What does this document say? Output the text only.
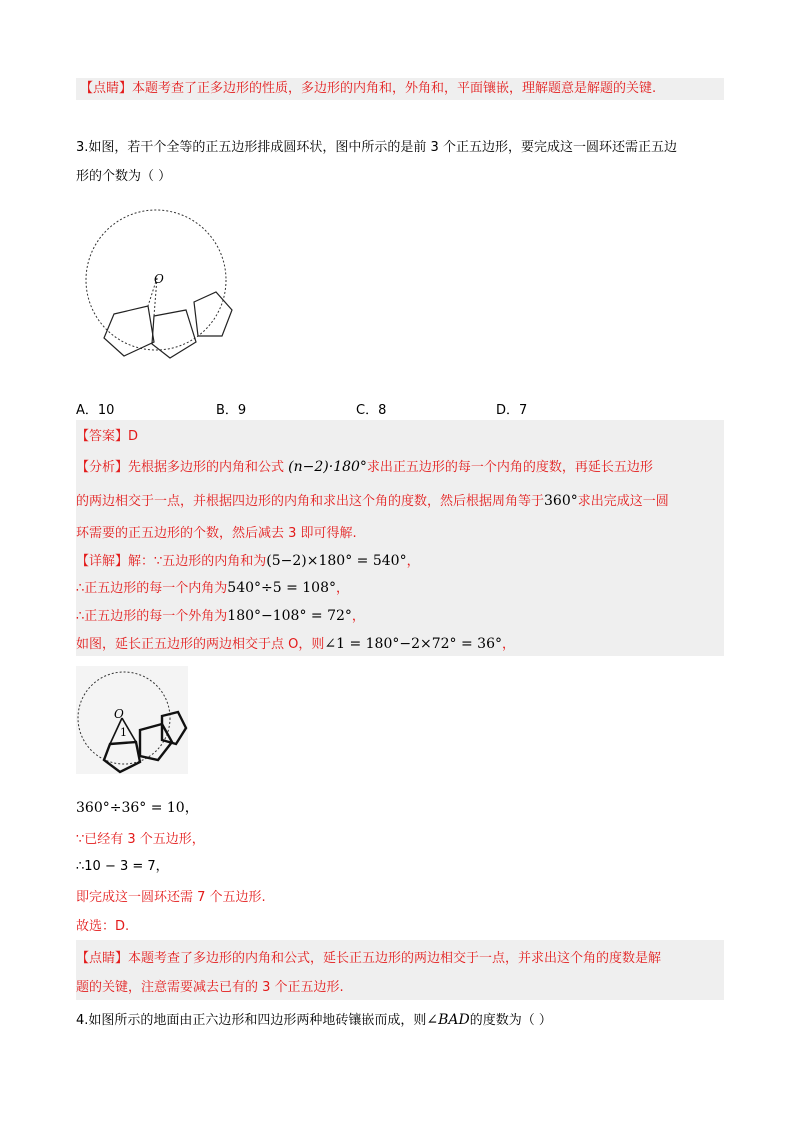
【点睛】本题考查了正多边形的性质，多边形的内角和，外角和，平面镶嵌，理解题意是解题的关键.
3.如图，若干个全等的正五边形排成圆环状，图中所示的是前 3 个正五边形，要完成这一圆环还需正五边
形的个数为（ ）
O
A．10	B．9	C．8	D．7
【答案】D
【分析】先根据多边形的内角和公式 (n−2)·180°求出正五边形的每一个内角的度数，再延长五边形
的两边相交于一点，并根据四边形的内角和求出这个角的度数，然后根据周角等于360°求出完成这一圆
环需要的正五边形的个数，然后减去 3 即可得解.
【详解】解：∵五边形的内角和为(5−2)×180° = 540°，
∴正五边形的每一个内角为540°÷5 = 108°，
∴正五边形的每一个外角为180°−108° = 72°，
如图，延长正五边形的两边相交于点 O，则∠1 = 180°−2×72° = 36°，
O
1
360°÷36° = 10，
∵已经有 3 个五边形，
∴10 − 3 = 7，
即完成这一圆环还需 7 个五边形.
故选：D.
【点睛】本题考查了多边形的内角和公式，延长正五边形的两边相交于一点，并求出这个角的度数是解
题的关键，注意需要减去已有的 3 个正五边形.
4.如图所示的地面由正六边形和四边形两种地砖镶嵌而成，则∠BAD的度数为（ ）
